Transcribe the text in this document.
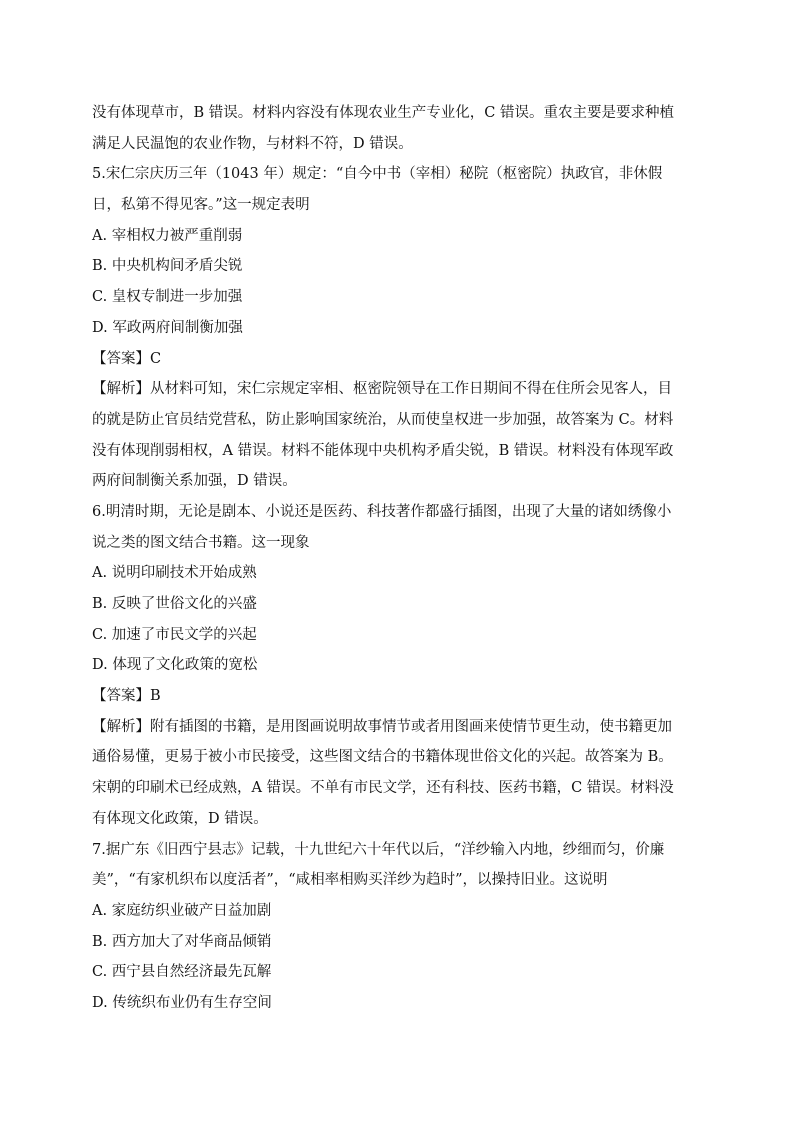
没有体现草市，B 错误。材料内容没有体现农业生产专业化，C 错误。重农主要是要求种植
满足人民温饱的农业作物，与材料不符，D 错误。
5.宋仁宗庆历三年（1043 年）规定：“自今中书（宰相）秘院（枢密院）执政官，非休假
日，私第不得见客。”这一规定表明
A. 宰相权力被严重削弱
B. 中央机构间矛盾尖锐
C. 皇权专制进一步加强
D. 军政两府间制衡加强
【答案】C
【解析】从材料可知，宋仁宗规定宰相、枢密院领导在工作日期间不得在住所会见客人，目
的就是防止官员结党营私，防止影响国家统治，从而使皇权进一步加强，故答案为 C。材料
没有体现削弱相权，A 错误。材料不能体现中央机构矛盾尖锐，B 错误。材料没有体现军政
两府间制衡关系加强，D 错误。
6.明清时期，无论是剧本、小说还是医药、科技著作都盛行插图，出现了大量的诸如绣像小
说之类的图文结合书籍。这一现象
A. 说明印刷技术开始成熟
B. 反映了世俗文化的兴盛
C. 加速了市民文学的兴起
D. 体现了文化政策的宽松
【答案】B
【解析】附有插图的书籍，是用图画说明故事情节或者用图画来使情节更生动，使书籍更加
通俗易懂，更易于被小市民接受，这些图文结合的书籍体现世俗文化的兴起。故答案为 B。
宋朝的印刷术已经成熟，A 错误。不单有市民文学，还有科技、医药书籍，C 错误。材料没
有体现文化政策，D 错误。
7.据广东《旧西宁县志》记载，十九世纪六十年代以后，“洋纱输入内地，纱细而匀，价廉
美”，“有家机织布以度活者”，“咸相率相购买洋纱为趋时”，以操持旧业。这说明
A. 家庭纺织业破产日益加剧
B. 西方加大了对华商品倾销
C. 西宁县自然经济最先瓦解
D. 传统织布业仍有生存空间
